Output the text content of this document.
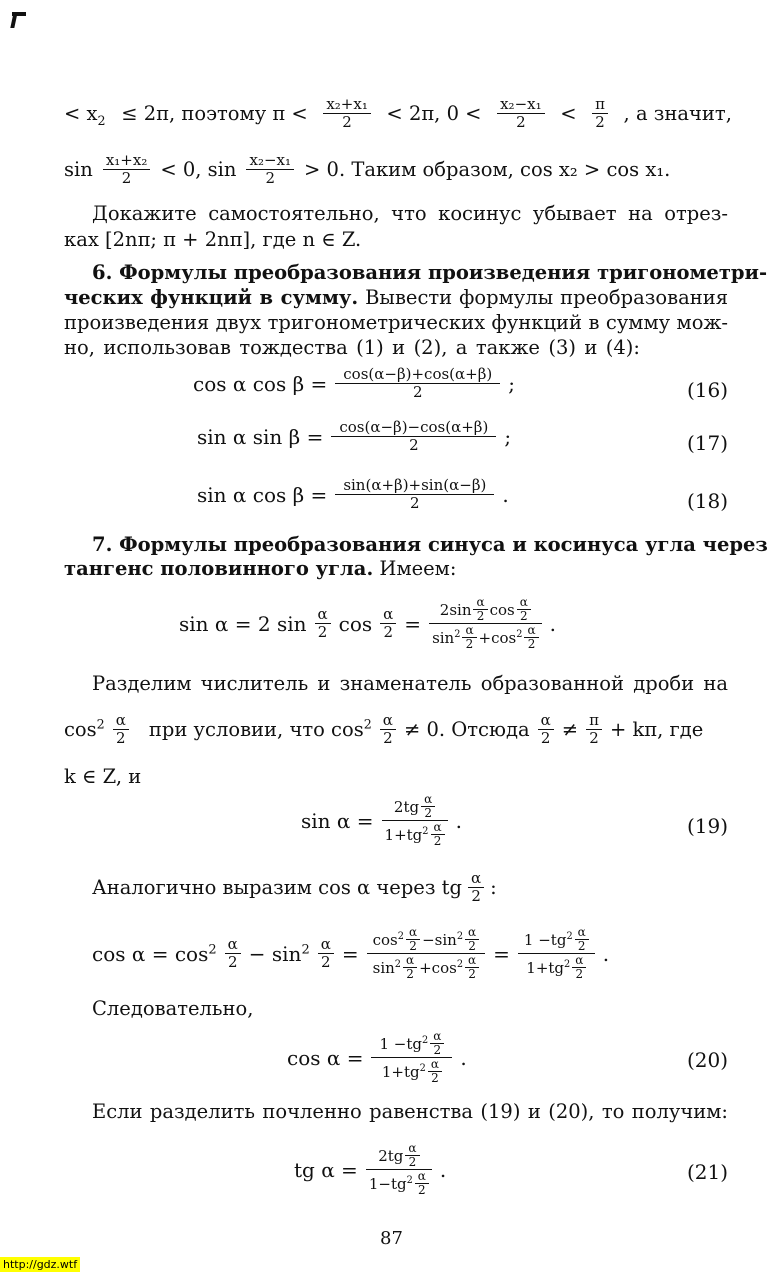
< $x_2 \le 2\pi$, поэтому π < x₂+x₁
2	< 2π, 0 < x₂−x₁
2	< π
2 , а значит,
sin x₁+x₂
2	< 0, sin x₂−x₁
2	> 0. Таким образом, cos x₂ > cos x₁.
Докажите самостоятельно, что косинус убывает на отрез-
ках [2nπ; π + 2nπ], где n ∈ Z.
6. Формулы преобразования произведения тригонометри-
ческих функций в сумму. Вывести формулы преобразования
произведения двух тригонометрических функций в сумму мож-
но, использовав тождества (1) и (2), а также (3) и (4):
cos α $\cos \beta = \frac{\cos(\alpha-\beta)+\cos(\alpha+\beta)}{2}$ ;	(16)
sin α $\sin \beta = \frac{\cos(\alpha-\beta)-\cos(\alpha+\beta)}{2}$ ;	(17)
sin α $\cos \beta = \frac{\sin(\alpha+\beta)+\sin(\alpha-\beta)}{2}$ .	(18)
7. Формулы преобразования синуса и косинуса угла через
тангенс половинного угла. Имеем:
sin α = 2 sin α
2 $\cos \frac{\alpha}{2} = 2\sin$ α
2 cos α
2
$\sin^2 \alpha$
$2 +\cos^2$ α
2 .
Разделим числитель и знаменатель образованной дроби на
$\cos^2 \alpha$
2 при условии, что $\cos^2 \alpha$
2 ≠ 0. Отсюда α
2 ≠ π
2 + kπ, где
k ∈ Z, и
sin α = 2tg α
2
$1+tg^2$ α
2 .	(19)
Аналогично выразим cos α через tg α
2 :
$\cos \alpha = \cos^2 \alpha$
$2 - \sin^2 \frac{\alpha}{2} = \cos^2 \alpha$
$2 -\sin^2$ α
2
$\sin^2 \alpha$
$2 +\cos^2$ α
$2 = 1 -tg^2$ α
2
$1+tg^2$ α
2 .
Следовательно,
$\cos \alpha = 1 -tg^2$ α
2
$1+tg^2$ α
2 .	(20)
Если разделить почленно равенства (19) и (20), то получим:
tg α = 2tg α
2
$1-tg^2$ α
2 .	(21)
87
http://gdz.wtf
